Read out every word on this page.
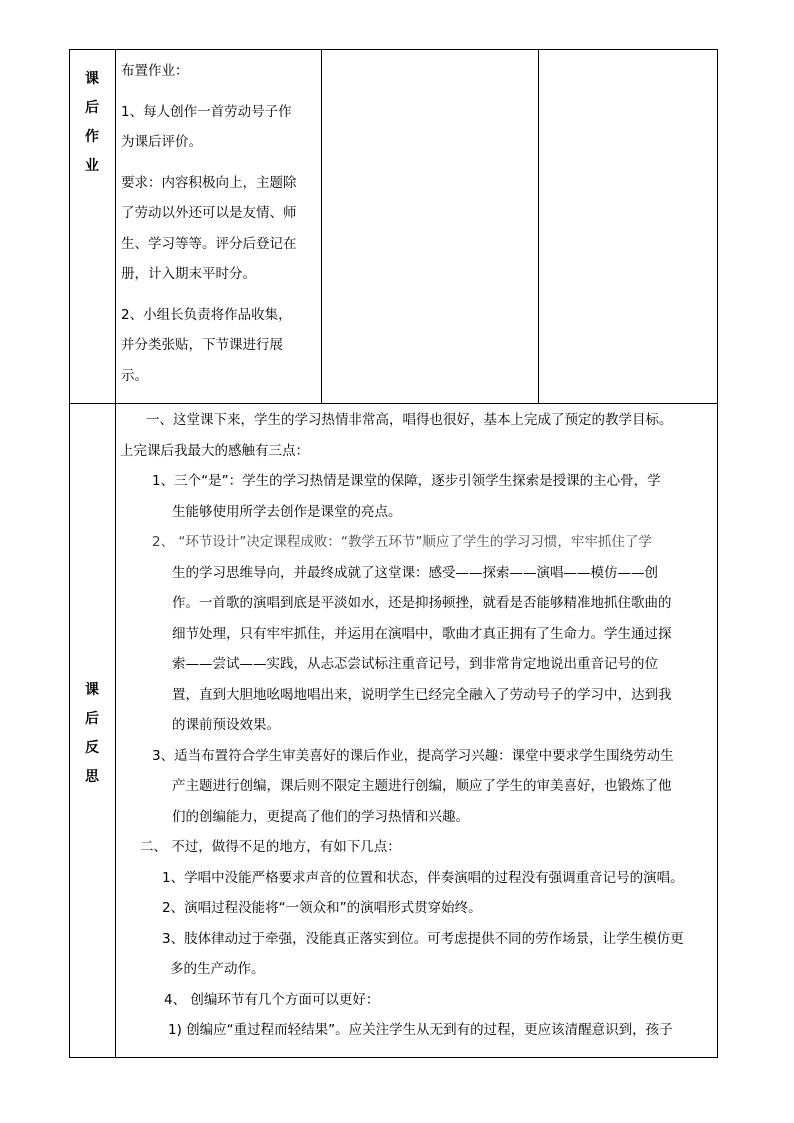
课
后
作
业

布置作业：

1、每人创作一首劳动号子作

为课后评价。

要求：内容积极向上，主题除

了劳动以外还可以是友情、师

生、学习等等。评分后登记在

册，计入期末平时分。

2、小组长负责将作品收集，

并分类张贴，下节课进行展

示。

课
后
反
思

一、这堂课下来，学生的学习热情非常高，唱得也很好，基本上完成了预定的教学目标。

上完课后我最大的感触有三点：

1、三个“是”：学生的学习热情是课堂的保障，逐步引领学生探索是授课的主心骨，学

生能够使用所学去创作是课堂的亮点。

2、 “环节设计”决定课程成败：“教学五环节”顺应了学生的学习习惯，牢牢抓住了学

生的学习思维导向，并最终成就了这堂课：感受——探索——演唱——模仿——创

作。一首歌的演唱到底是平淡如水，还是抑扬顿挫，就看是否能够精准地抓住歌曲的

细节处理，只有牢牢抓住，并运用在演唱中，歌曲才真正拥有了生命力。学生通过探

索——尝试——实践，从忐忑尝试标注重音记号，到非常肯定地说出重音记号的位

置，直到大胆地吆喝地唱出来，说明学生已经完全融入了劳动号子的学习中，达到我

的课前预设效果。

3、适当布置符合学生审美喜好的课后作业，提高学习兴趣：课堂中要求学生围绕劳动生

产主题进行创编，课后则不限定主题进行创编，顺应了学生的审美喜好，也锻炼了他

们的创编能力，更提高了他们的学习热情和兴趣。

二、 不过，做得不足的地方，有如下几点：

1、学唱中没能严格要求声音的位置和状态，伴奏演唱的过程没有强调重音记号的演唱。

2、演唱过程没能将“一领众和”的演唱形式贯穿始终。

3、肢体律动过于牵强，没能真正落实到位。可考虑提供不同的劳作场景，让学生模仿更

多的生产动作。

4、 创编环节有几个方面可以更好：

1) 创编应“重过程而轻结果”。应关注学生从无到有的过程，更应该清醒意识到，孩子
